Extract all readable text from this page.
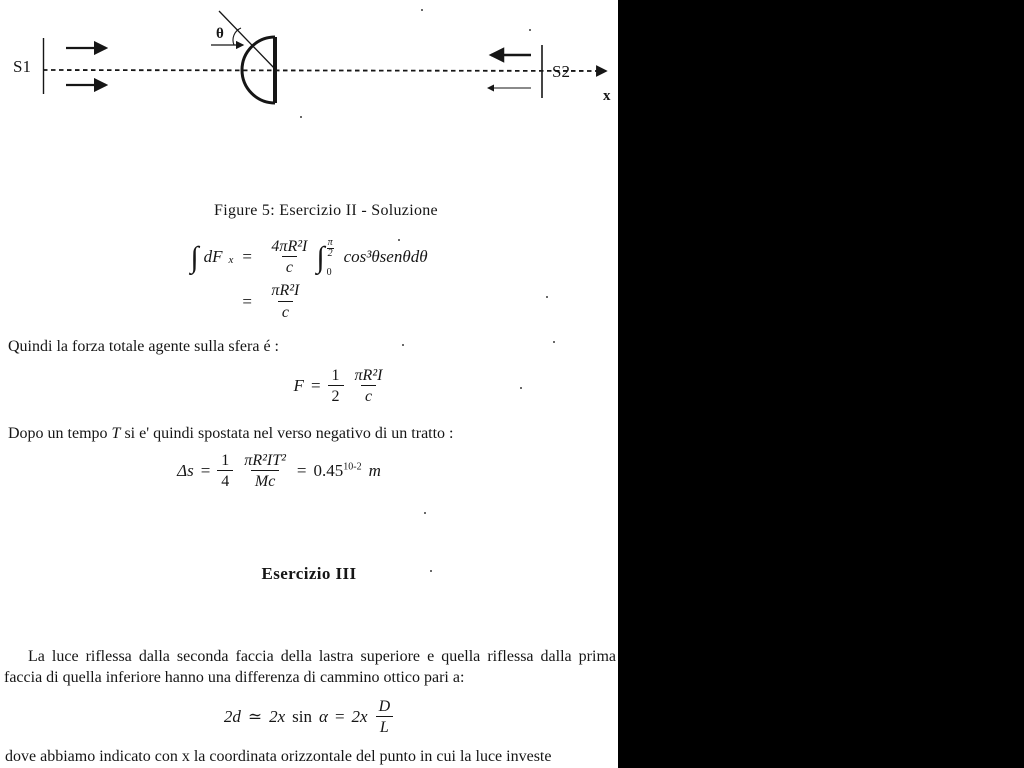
S1
θ
S2
x
Figure 5: Esercizio II - Soluzione
∫ dF $x = \frac{\text{4πR²I}}{c}$ ∫ $\frac{\pi}{2}$
0
cos³θsenθdθ
= $\frac{\text{πR²I}}{c}$

Quindi la forza totale agente sulla sfera é :

$F = \frac{1}{2} \frac{\text{πR²I}}{c}$

Dopo un tempo T si e' quindi spostata nel verso negativo di un tratto :

$\Delta s = \frac{1}{4} \frac{\text{πR²IT²}}{Mc} = 0.45^{10-2}$ m
Esercizio III

La luce riflessa dalla seconda faccia della lastra superiore e quella riflessa dalla prima faccia di quella inferiore hanno una differenza di cammino ottico pari a:

2d ≃ 2x $\sin \alpha = 2x \frac{D}{L}$

dove abbiamo indicato con x la coordinata orizzontale del punto in cui la luce investe
